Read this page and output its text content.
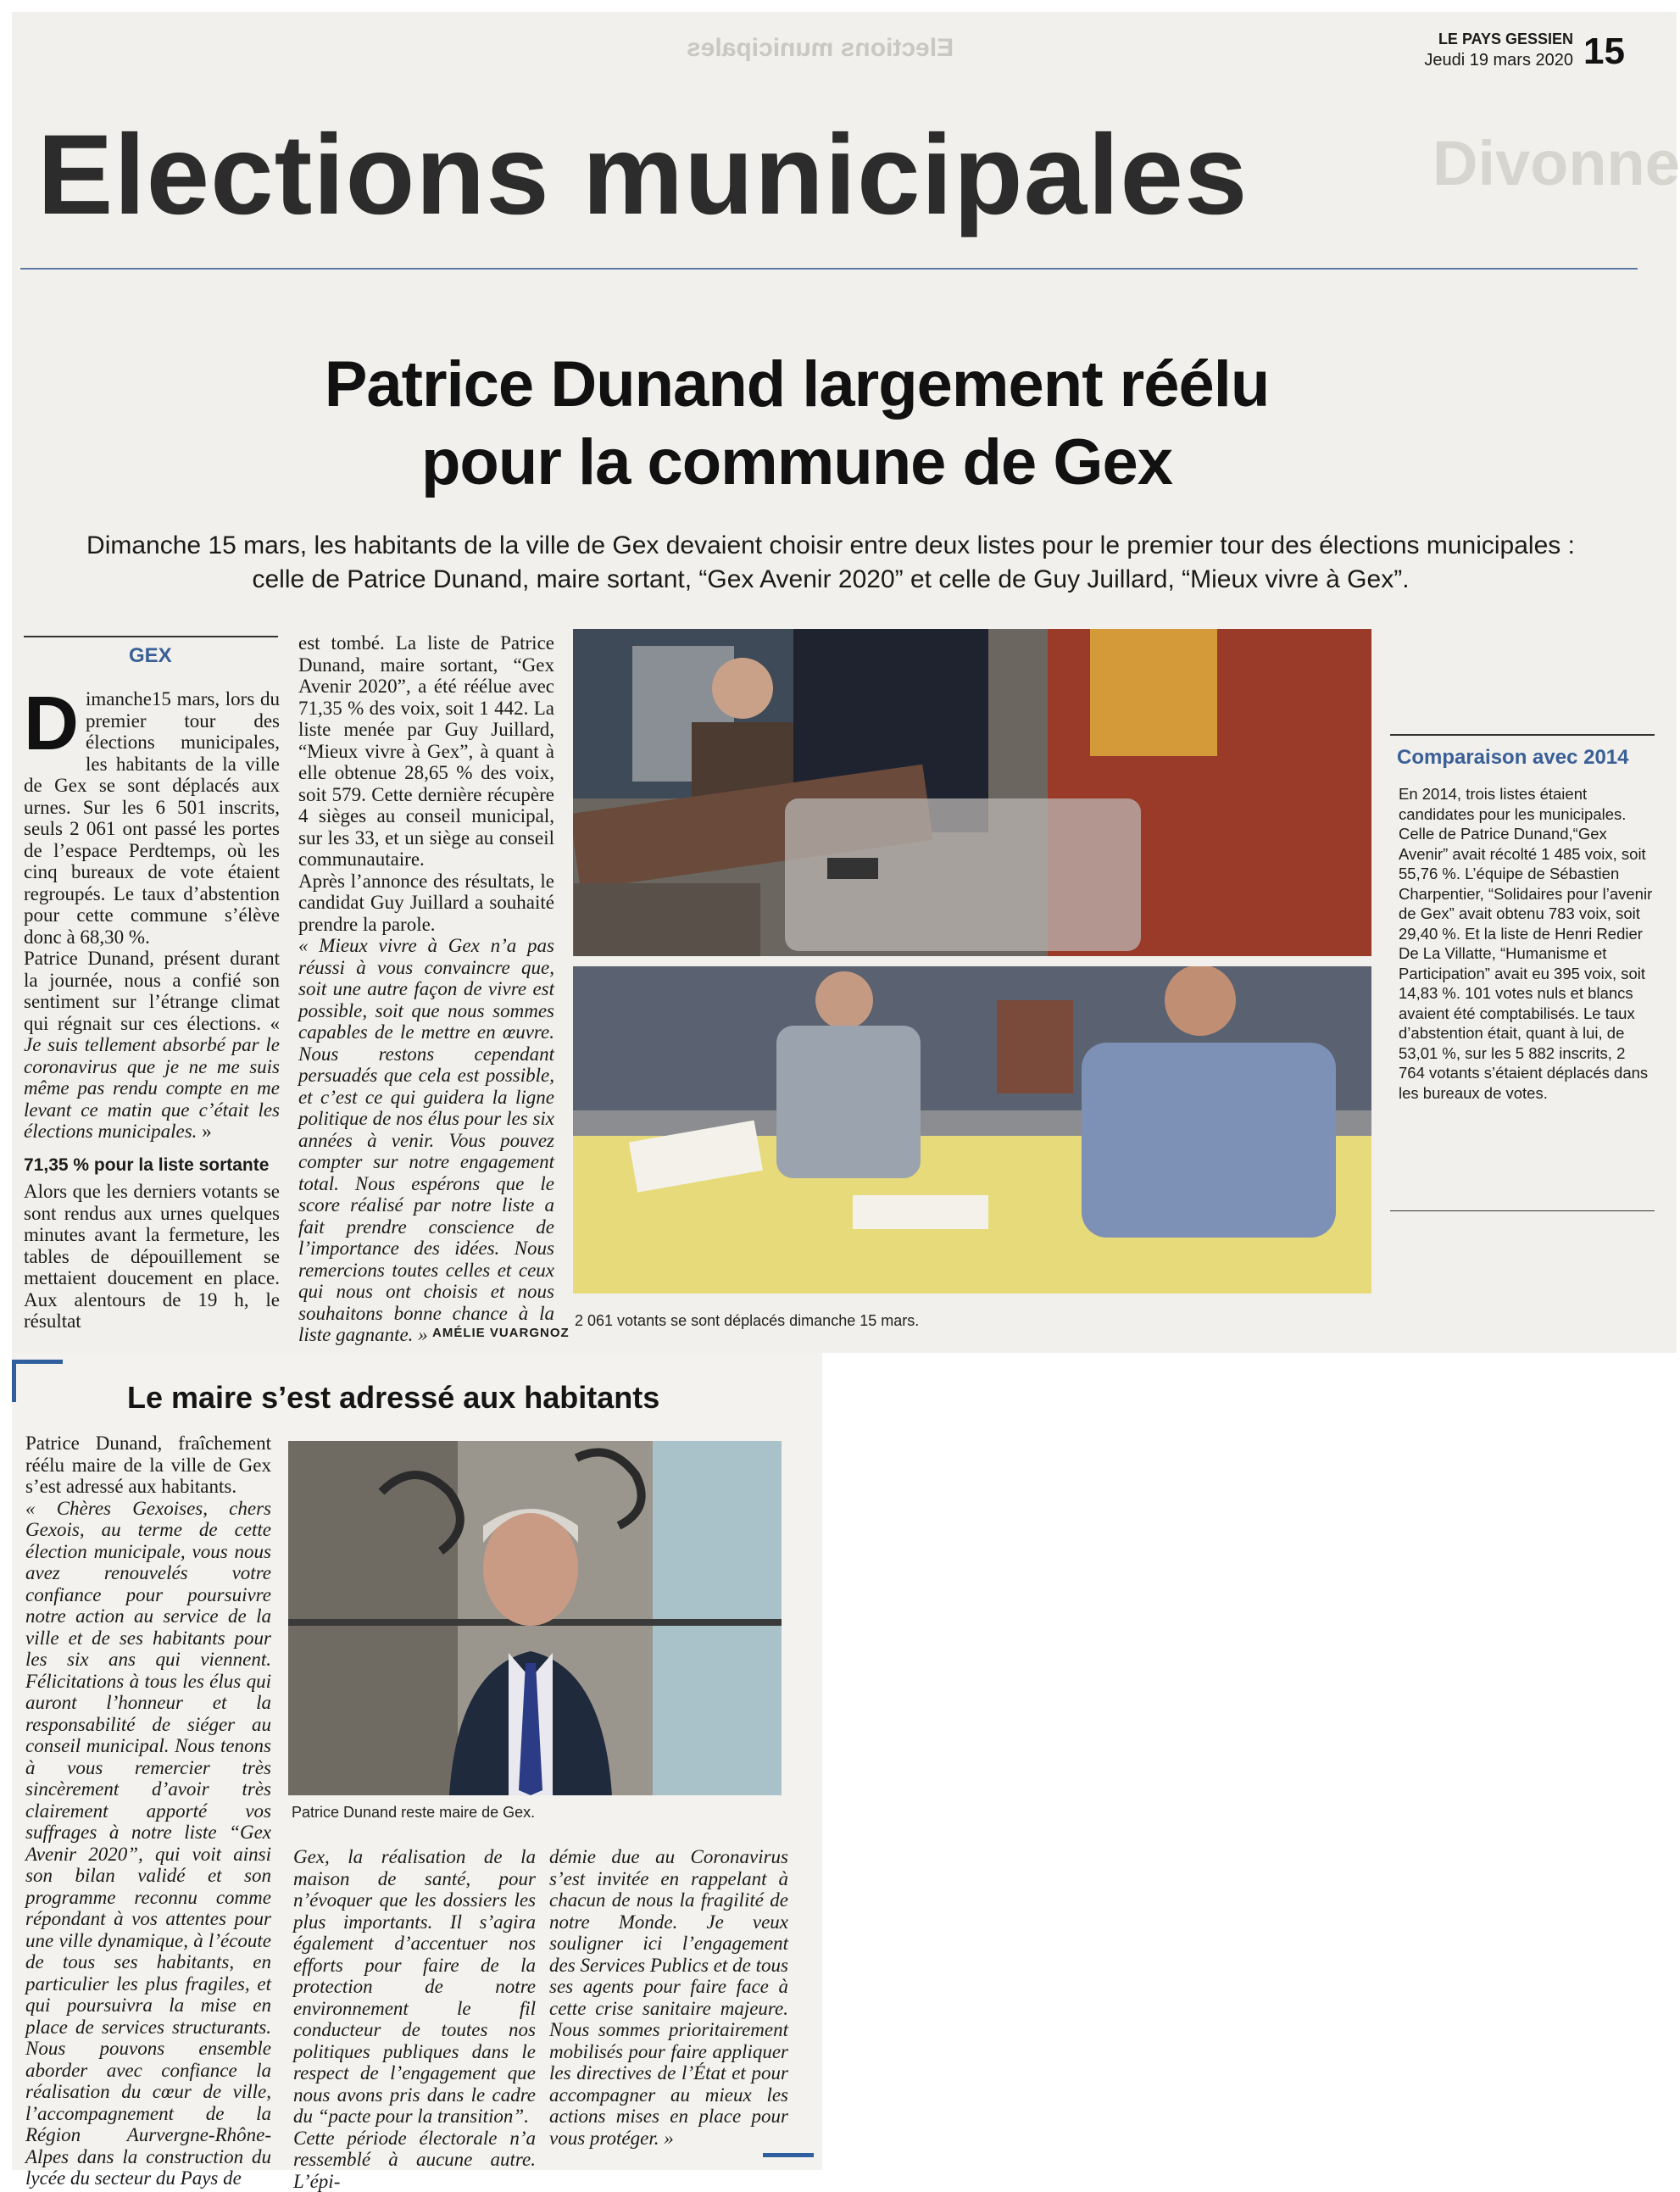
Elections municipales
Divonne
LE PAYS GESSIEN
Jeudi 19 mars 2020 15
Elections municipales
Patrice Dunand largement réélu
pour la commune de Gex
Dimanche 15 mars, les habitants de la ville de Gex devaient choisir entre deux listes pour le premier tour des élections municipales :
celle de Patrice Dunand, maire sortant, “Gex Avenir 2020” et celle de Guy Juillard, “Mieux vivre à Gex”.
GEX

Dimanche15 mars, lors du premier tour des élections municipales, les habitants de la ville de Gex se sont déplacés aux urnes. Sur les 6 501 inscrits, seuls 2 061 ont passé les portes de l’espace Perdtemps, où les cinq bureaux de vote étaient regroupés. Le taux d’abstention pour cette commune s’élève donc à 68,30 %.

Patrice Dunand, présent durant la journée, nous a confié son sentiment sur l’étrange climat qui régnait sur ces élections. « Je suis tellement absorbé par le coronavirus que je ne me suis même pas rendu compte en me levant ce matin que c’était les élections municipales. »

71,35 % pour la liste sortante

Alors que les derniers votants se sont rendus aux urnes quelques minutes avant la fermeture, les tables de dépouillement se mettaient doucement en place. Aux alentours de 19 h, le résultat

est tombé. La liste de Patrice Dunand, maire sortant, “Gex Avenir 2020”, a été réélue avec 71,35 % des voix, soit 1 442. La liste menée par Guy Juillard, “Mieux vivre à Gex”, à quant à elle obtenue 28,65 % des voix, soit 579. Cette dernière récupère 4 sièges au conseil municipal, sur les 33, et un siège au conseil communautaire.

Après l’annonce des résultats, le candidat Guy Juillard a souhaité prendre la parole.

« Mieux vivre à Gex n’a pas réussi à vous convaincre que, soit une autre façon de vivre est possible, soit que nous sommes capables de le mettre en œuvre. Nous restons cependant persuadés que cela est possible, et c’est ce qui guidera la ligne politique de nos élus pour les six années à venir. Vous pouvez compter sur notre engagement total. Nous espérons que le score réalisé par notre liste a fait prendre conscience de l’importance des idées. Nous remercions toutes celles et ceux qui nous ont choisis et nous souhaitons bonne chance à la liste gagnante. » AMÉLIE VUARGNOZ
2 061 votants se sont déplacés dimanche 15 mars.
Comparaison avec 2014
En 2014, trois listes étaient candidates pour les municipales. Celle de Patrice Dunand,“Gex Avenir” avait récolté 1 485 voix, soit 55,76 %. L’équipe de Sébastien Charpentier, “Solidaires pour l’avenir de Gex” avait obtenu 783 voix, soit 29,40 %. Et la liste de Henri Redier De La Villatte, “Humanisme et Participation” avait eu 395 voix, soit 14,83 %. 101 votes nuls et blancs avaient été comptabilisés. Le taux d’abstention était, quant à lui, de 53,01 %, sur les 5 882 inscrits, 2 764 votants s’étaient déplacés dans les bureaux de votes.
Le maire s’est adressé aux habitants

Patrice Dunand, fraîchement réélu maire de la ville de Gex s’est adressé aux habitants.

« Chères Gexoises, chers Gexois, au terme de cette élection municipale, vous nous avez renouvelés votre confiance pour poursuivre notre action au service de la ville et de ses habitants pour les six ans qui viennent. Félicitations à tous les élus qui auront l’honneur et la responsabilité de siéger au conseil municipal. Nous tenons à vous remercier très sincèrement d’avoir très clairement apporté vos suffrages à notre liste “Gex Avenir 2020”, qui voit ainsi son bilan validé et son programme reconnu comme répondant à vos attentes pour une ville dynamique, à l’écoute de tous ses habitants, en particulier les plus fragiles, et qui poursuivra la mise en place de services structurants. Nous pouvons ensemble aborder avec confiance la réalisation du cœur de ville, l’accompagnement de la Région Aurvergne-Rhône-Alpes dans la construction du lycée du secteur du Pays de

Patrice Dunand reste maire de Gex.

Gex, la réalisation de la maison de santé, pour n’évoquer que les dossiers les plus importants. Il s’agira également d’accentuer nos efforts pour faire de la protection de notre environnement le fil conducteur de toutes nos politiques publiques dans le respect de l’engagement que nous avons pris dans le cadre du “pacte pour la transition”.

Cette période électorale n’a ressemblé à aucune autre. L’épi-

démie due au Coronavirus s’est invitée en rappelant à chacun de nous la fragilité de notre Monde. Je veux souligner ici l’engagement des Services Publics et de tous ses agents pour faire face à cette crise sanitaire majeure. Nous sommes prioritairement mobilisés pour faire appliquer les directives de l’État et pour accompagner au mieux les actions mises en place pour vous protéger. »
